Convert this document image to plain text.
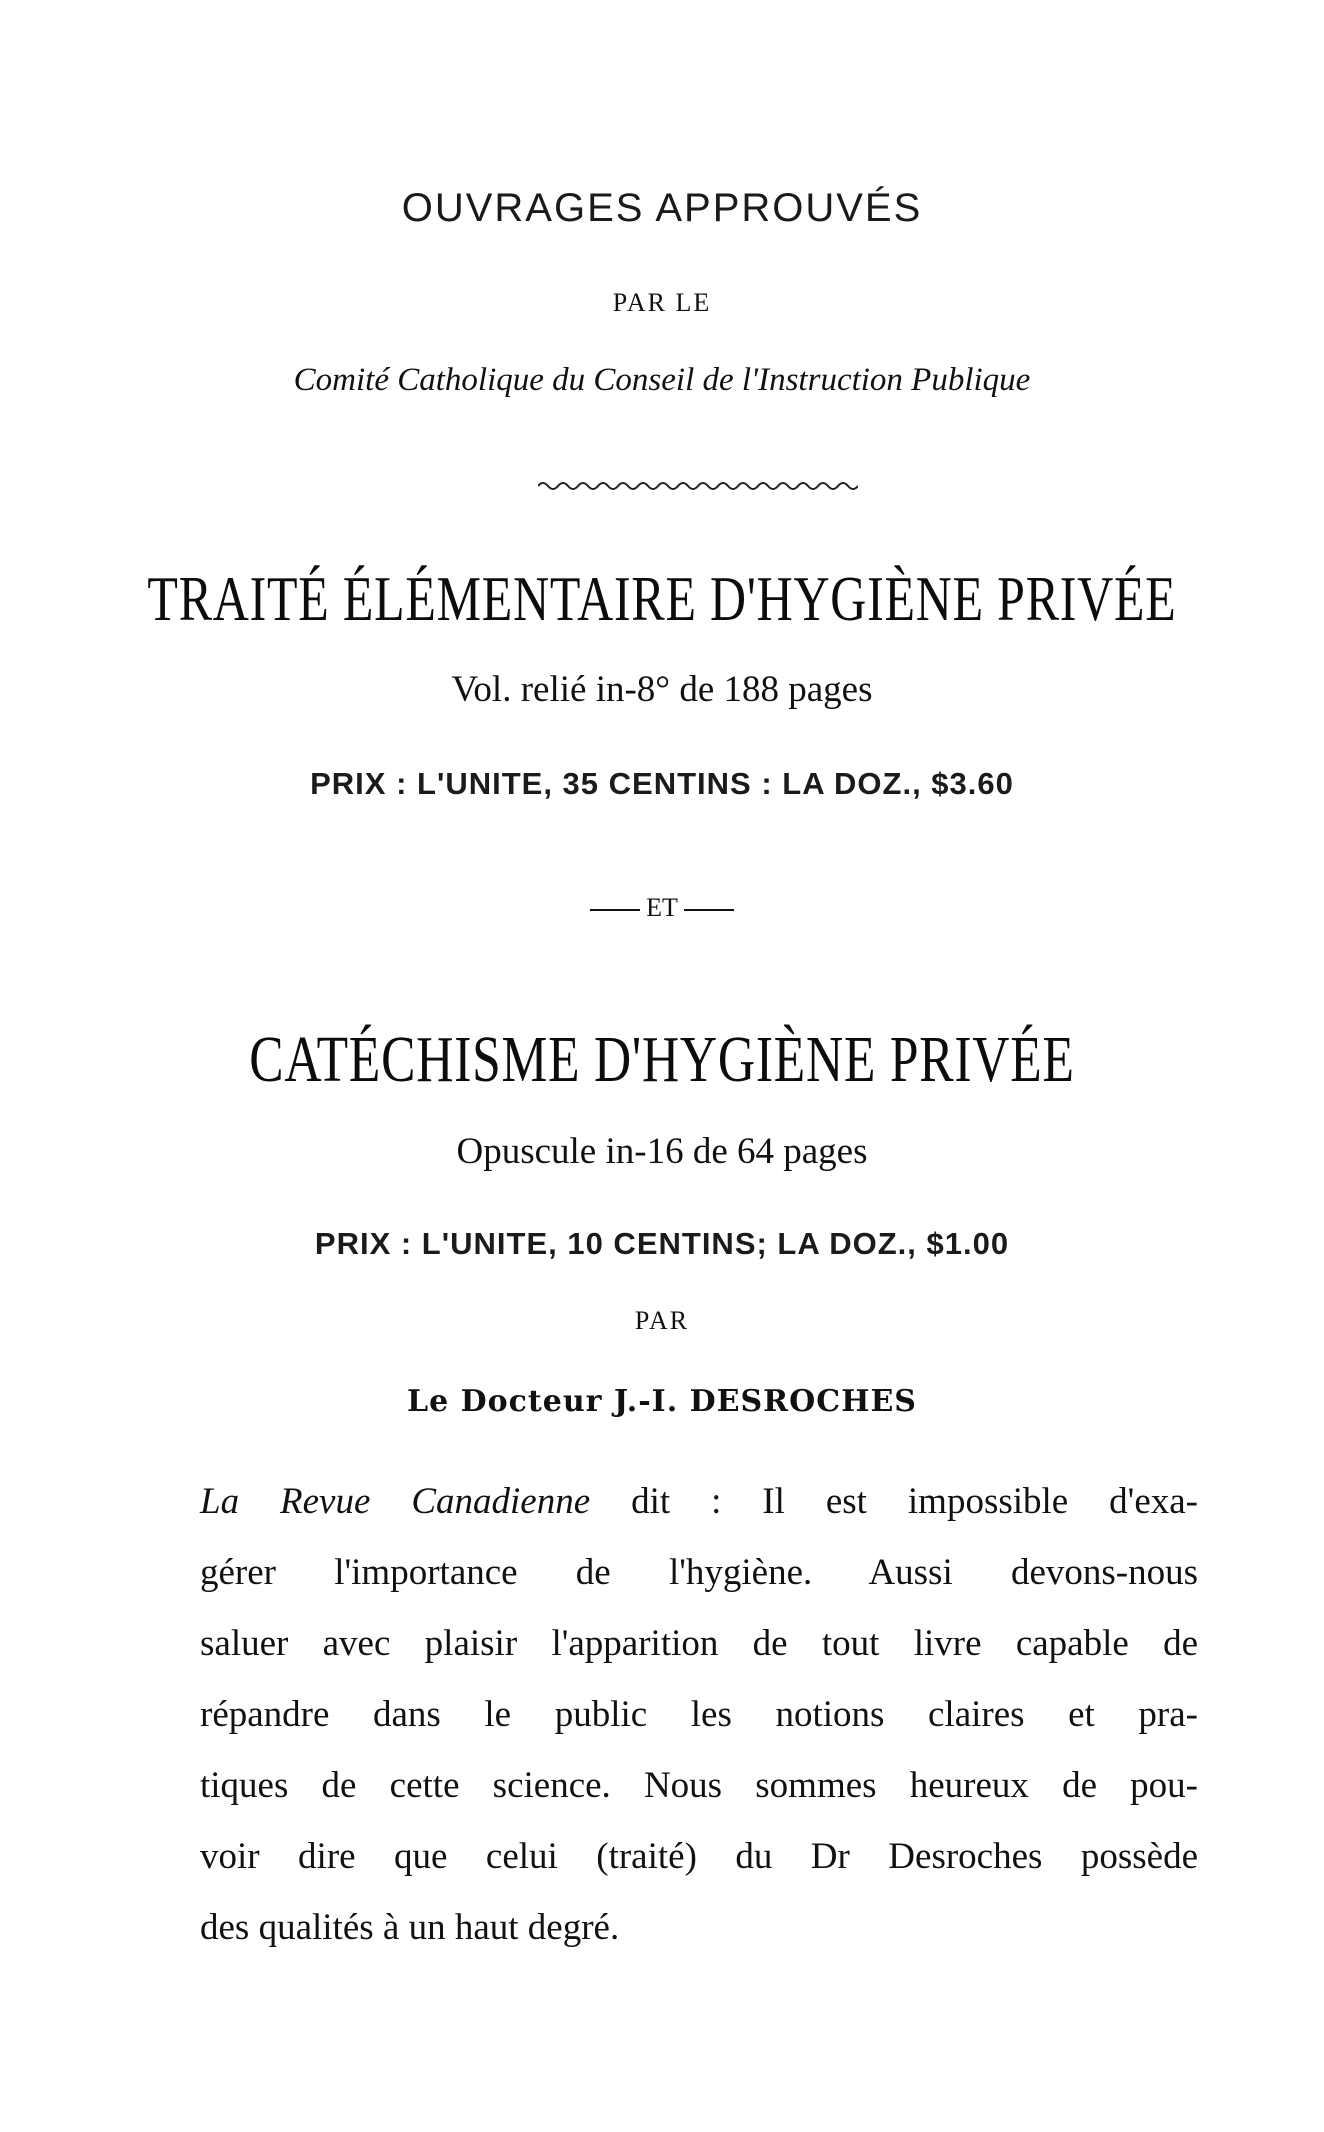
OUVRAGES APPROUVÉS
PAR LE
Comité Catholique du Conseil de l'Instruction Publique
TRAITÉ ÉLÉMENTAIRE D'HYGIÈNE PRIVÉE
Vol. relié in-8° de 188 pages
PRIX : L'UNITE, 35 CENTINS : LA DOZ., $3.60
ET
CATÉCHISME D'HYGIÈNE PRIVÉE
Opuscule in-16 de 64 pages
PRIX : L'UNITE, 10 CENTINS; LA DOZ., $1.00
PAR
Le Docteur J.-I. DESROCHES
La Revue Canadienne dit : Il est impossible d'exa-
gérer l'importance de l'hygiène. Aussi devons-nous
saluer avec plaisir l'apparition de tout livre capable de
répandre dans le public les notions claires et pra-
tiques de cette science. Nous sommes heureux de pou-
voir dire que celui (traité) du Dr Desroches possède
des qualités à un haut degré.
